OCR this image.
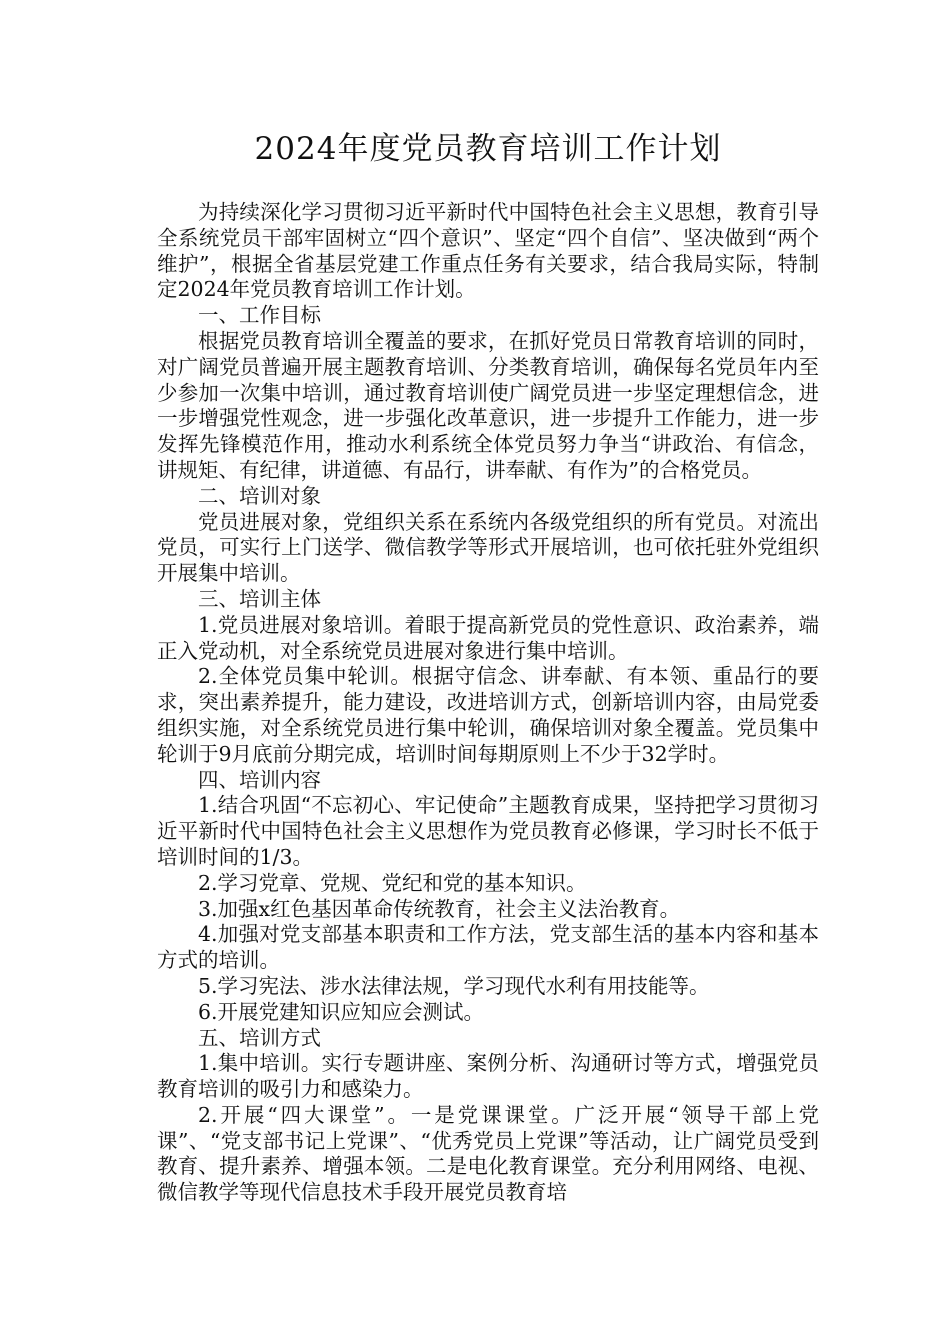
2024年度党员教育培训工作计划

为持续深化学习贯彻习近平新时代中国特色社会主义思想，教育引导全系统党员干部牢固树立“四个意识”、坚定“四个自信”、坚决做到“两个维护”，根据全省基层党建工作重点任务有关要求，结合我局实际，特制定2024年党员教育培训工作计划。

一、工作目标

根据党员教育培训全覆盖的要求，在抓好党员日常教育培训的同时，对广阔党员普遍开展主题教育培训、分类教育培训，确保每名党员年内至少参加一次集中培训，通过教育培训使广阔党员进一步坚定理想信念，进一步增强党性观念，进一步强化改革意识，进一步提升工作能力，进一步发挥先锋模范作用，推动水利系统全体党员努力争当“讲政治、有信念，讲规矩、有纪律，讲道德、有品行，讲奉献、有作为”的合格党员。

二、培训对象

党员进展对象，党组织关系在系统内各级党组织的所有党员。对流出党员，可实行上门送学、微信教学等形式开展培训，也可依托驻外党组织开展集中培训。

三、培训主体

1.党员进展对象培训。着眼于提高新党员的党性意识、政治素养，端正入党动机，对全系统党员进展对象进行集中培训。

2.全体党员集中轮训。根据守信念、讲奉献、有本领、重品行的要求，突出素养提升，能力建设，改进培训方式，创新培训内容，由局党委组织实施，对全系统党员进行集中轮训，确保培训对象全覆盖。党员集中轮训于9月底前分期完成，培训时间每期原则上不少于32学时。

四、培训内容

1.结合巩固“不忘初心、牢记使命”主题教育成果，坚持把学习贯彻习近平新时代中国特色社会主义思想作为党员教育必修课，学习时长不低于培训时间的1/3。

2.学习党章、党规、党纪和党的基本知识。

3.加强x红色基因革命传统教育，社会主义法治教育。

4.加强对党支部基本职责和工作方法，党支部生活的基本内容和基本方式的培训。

5.学习宪法、涉水法律法规，学习现代水利有用技能等。

6.开展党建知识应知应会测试。

五、培训方式

1.集中培训。实行专题讲座、案例分析、沟通研讨等方式，增强党员教育培训的吸引力和感染力。

2.开展“四大课堂”。一是党课课堂。广泛开展“领导干部上党课”、“党支部书记上党课”、“优秀党员上党课”等活动，让广阔党员受到教育、提升素养、增强本领。二是电化教育课堂。充分利用网络、电视、微信教学等现代信息技术手段开展党员教育培
